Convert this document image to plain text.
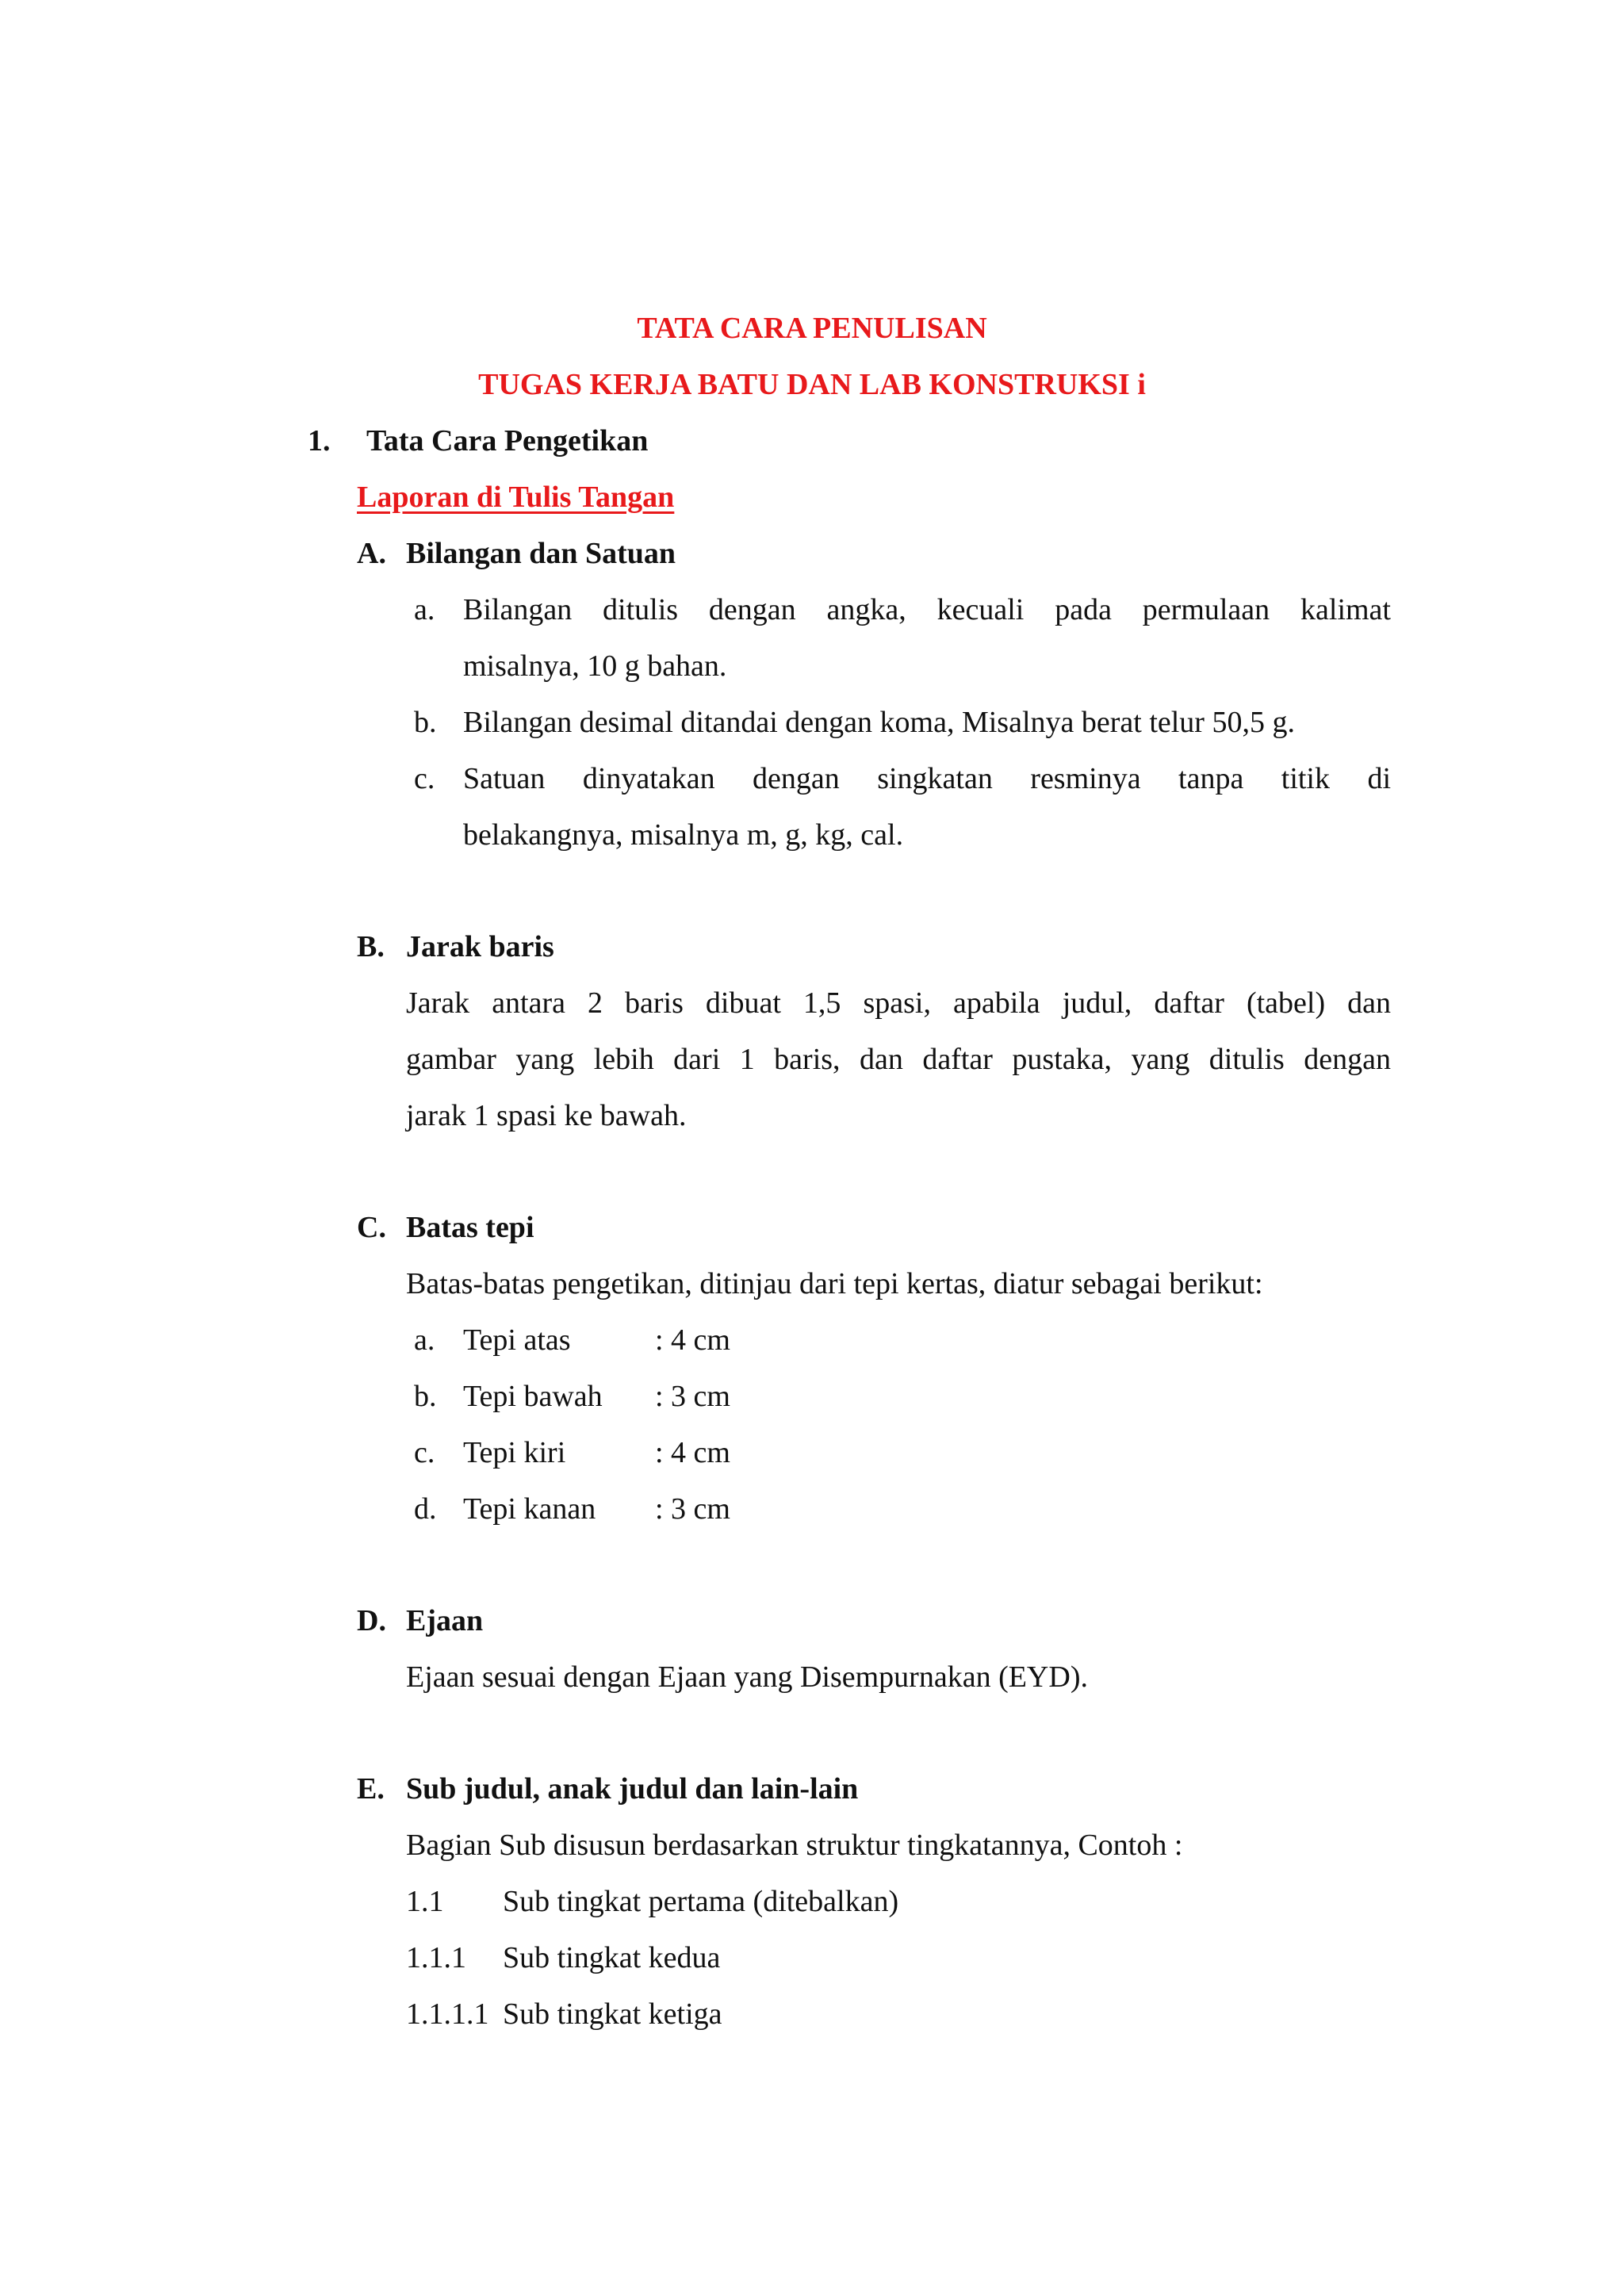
TATA CARA PENULISAN
TUGAS KERJA BATU DAN LAB KONSTRUKSI i
1. Tata Cara Pengetikan
Laporan di Tulis Tangan
A. Bilangan dan Satuan
a. Bilangan ditulis dengan angka, kecuali pada permulaan kalimat
misalnya, 10 g bahan.
b. Bilangan desimal ditandai dengan koma, Misalnya berat telur 50,5 g.
c. Satuan dinyatakan dengan singkatan resminya tanpa titik di
belakangnya, misalnya m, g, kg, cal.
B. Jarak baris
Jarak antara 2 baris dibuat 1,5 spasi, apabila judul, daftar (tabel) dan
gambar yang lebih dari 1 baris, dan daftar pustaka, yang ditulis dengan
jarak 1 spasi ke bawah.
C. Batas tepi
Batas-batas pengetikan, ditinjau dari tepi kertas, diatur sebagai berikut:
a. Tepi atas	: 4 cm
b. Tepi bawah : 3 cm
c. Tepi kiri	: 4 cm
d. Tepi kanan : 3 cm
D. Ejaan
Ejaan sesuai dengan Ejaan yang Disempurnakan (EYD).
E. Sub judul, anak judul dan lain-lain
Bagian Sub disusun berdasarkan struktur tingkatannya, Contoh :
1.1 Sub tingkat pertama (ditebalkan)
1.1.1 Sub tingkat kedua
1.1.1.1 Sub tingkat ketiga
